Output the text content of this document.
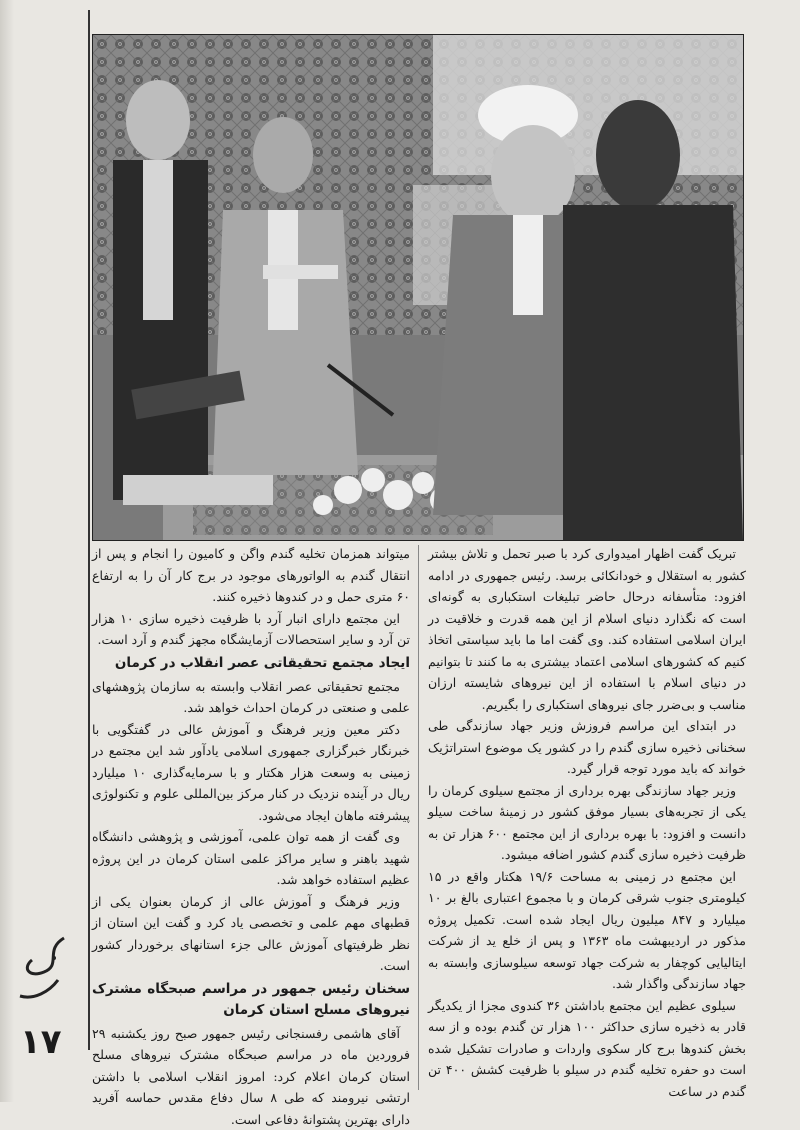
تبریک گفت اظهار امیدواری کرد با صبر تحمل و تلاش بیشتر کشور به استقلال و خودانکائی برسد. رئیس جمهوری در ادامه افزود: متأسفانه درحال حاضر تبلیغات استکباری به گونه‌ای است که نگذارد دنیای اسلام از این همه قدرت و خلاقیت در ایران اسلامی استفاده کند. وی گفت اما ما باید سیاستی اتخاذ کنیم که کشورهای اسلامی اعتماد بیشتری به ما کنند تا بتوانیم در دنیای اسلام با استفاده از این نیروهای شایسته ارزان مناسب و بی‌ضرر جای نیروهای استکباری را بگیریم.

در ابتدای این مراسم فروزش وزیر جهاد سازندگی طی سخنانی ذخیره سازی گندم را در کشور یک موضوع استراتژیک خواند که باید مورد توجه قرار گیرد.

وزیر جهاد سازندگی بهره برداری از مجتمع سیلوی کرمان را یکی از تجربه‌های بسیار موفق کشور در زمینهٔ ساخت سیلو دانست و افزود: با بهره برداری از این مجتمع ۶۰۰ هزار تن به ظرفیت ذخیره سازی گندم کشور اضافه میشود.

این مجتمع در زمینی به مساحت ۱۹/۶ هکتار واقع در ۱۵ کیلومتری جنوب شرقی کرمان و با مجموع اعتباری بالغ بر ۱۰ میلیارد و ۸۴۷ میلیون ریال ایجاد شده است. تکمیل پروژه مذکور در اردیبهشت ماه ۱۳۶۳ و پس از خلع ید از شرکت ایتالیایی کوچفار به شرکت جهاد توسعه سیلوسازی وابسته به جهاد سازندگی واگذار شد.

سیلوی عظیم این مجتمع باداشتن ۳۶ کندوی مجزا از یکدیگر قادر به ذخیره سازی حداکثر ۱۰۰ هزار تن گندم بوده و از سه بخش کندوها برج کار سکوی واردات و صادرات تشکیل شده است دو حفره تخلیه گندم در سیلو با ظرفیت کشش ۴۰۰ تن گندم در ساعت

میتواند همزمان تخلیه گندم واگن و کامیون را انجام و پس از انتقال گندم به الواتورهای موجود در برج کار آن را به ارتفاع ۶۰ متری حمل و در کندوها ذخیره کنند.

این مجتمع دارای انبار آرد با ظرفیت ذخیره سازی ۱۰ هزار تن آرد و سایر استحصالات آزمایشگاه مجهز گندم و آرد است.

ایجاد مجتمع تحقیقاتی عصر انقلاب در کرمان

مجتمع تحقیقاتی عصر انقلاب وابسته به سازمان پژوهشهای علمی و صنعتی در کرمان احداث خواهد شد.

دکتر معین وزیر فرهنگ و آموزش عالی در گفتگویی با خبرنگار خبرگزاری جمهوری اسلامی یادآور شد این مجتمع در زمینی به وسعت هزار هکتار و با سرمایه‌گذاری ۱۰ میلیارد ریال در آینده نزدیک در کنار مرکز بین‌المللی علوم و تکنولوژی پیشرفته ماهان ایجاد می‌شود.

وی گفت از همه توان علمی، آموزشی و پژوهشی دانشگاه شهید باهنر و سایر مراکز علمی استان کرمان در این پروژه عظیم استفاده خواهد شد.

وزیر فرهنگ و آموزش عالی از کرمان بعنوان یکی از قطبهای مهم علمی و تخصصی یاد کرد و گفت این استان از نظر ظرفیتهای آموزش عالی جزء استانهای برخوردار کشور است.

سخنان رئیس جمهور در مراسم صبحگاه مشترک نیروهای مسلح استان کرمان

آقای هاشمی رفسنجانی رئیس جمهور صبح روز یکشنبه ۲۹ فروردین ماه در مراسم صبحگاه مشترک نیروهای مسلح استان کرمان اعلام کرد: امروز انقلاب اسلامی با داشتن ارتشی نیرومند که طی ۸ سال دفاع مقدس حماسه آفرید دارای بهترین پشتوانهٔ دفاعی است.

۱۷
